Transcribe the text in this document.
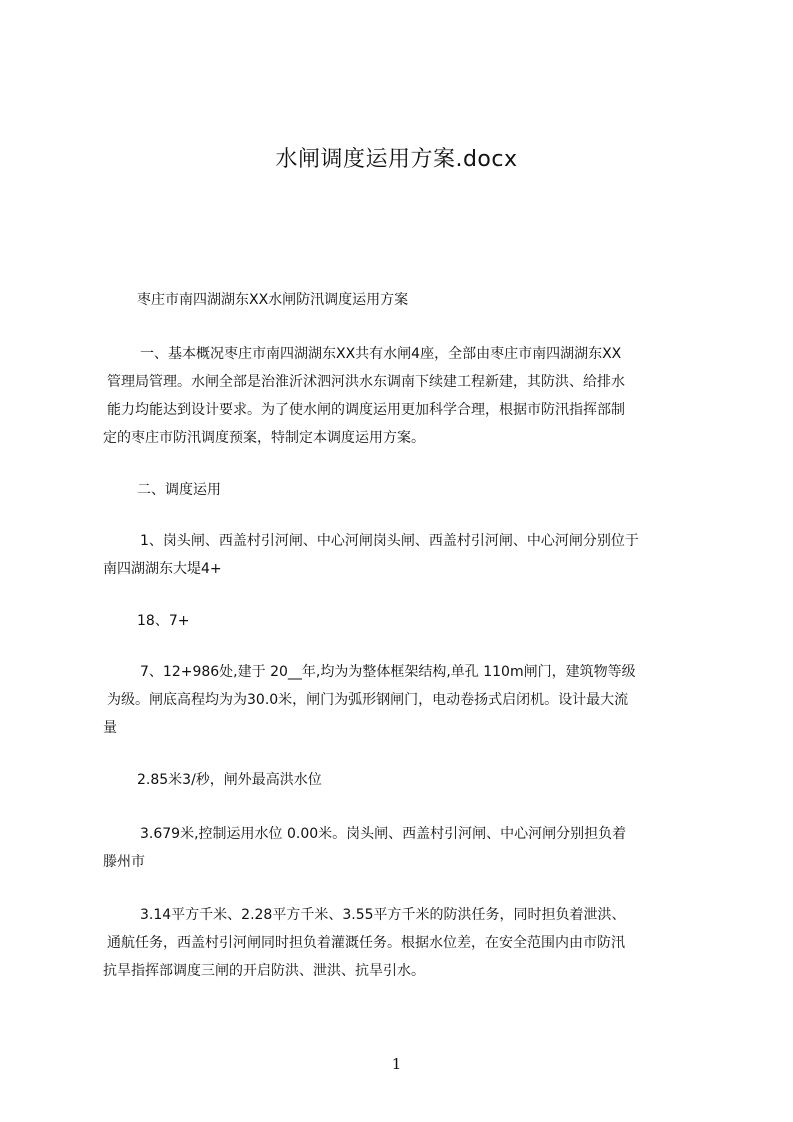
水闸调度运用方案.docx
枣庄市南四湖湖东XX水闸防汛调度运用方案
一、基本概况枣庄市南四湖湖东XX共有水闸4座，全部由枣庄市南四湖湖东XX
管理局管理。水闸全部是治淮沂沭泗河洪水东调南下续建工程新建，其防洪、给排水
能力均能达到设计要求。为了使水闸的调度运用更加科学合理，根据市防汛指挥部制
定的枣庄市防汛调度预案，特制定本调度运用方案。
二、调度运用
1、岗头闸、西盖村引河闸、中心河闸岗头闸、西盖村引河闸、中心河闸分别位于
南四湖湖东大堤4+
18、7+
7、12+986处,建于 20__年,均为为整体框架结构,单孔 110m闸门，建筑物等级
为级。闸底高程均为为30.0米，闸门为弧形钢闸门，电动卷扬式启闭机。设计最大流
量
2.85米3/秒，闸外最高洪水位
3.679米,控制运用水位 0.00米。岗头闸、西盖村引河闸、中心河闸分别担负着
滕州市
3.14平方千米、2.28平方千米、3.55平方千米的防洪任务，同时担负着泄洪、
通航任务，西盖村引河闸同时担负着灌溉任务。根据水位差，在安全范围内由市防汛
抗旱指挥部调度三闸的开启防洪、泄洪、抗旱引水。
1
